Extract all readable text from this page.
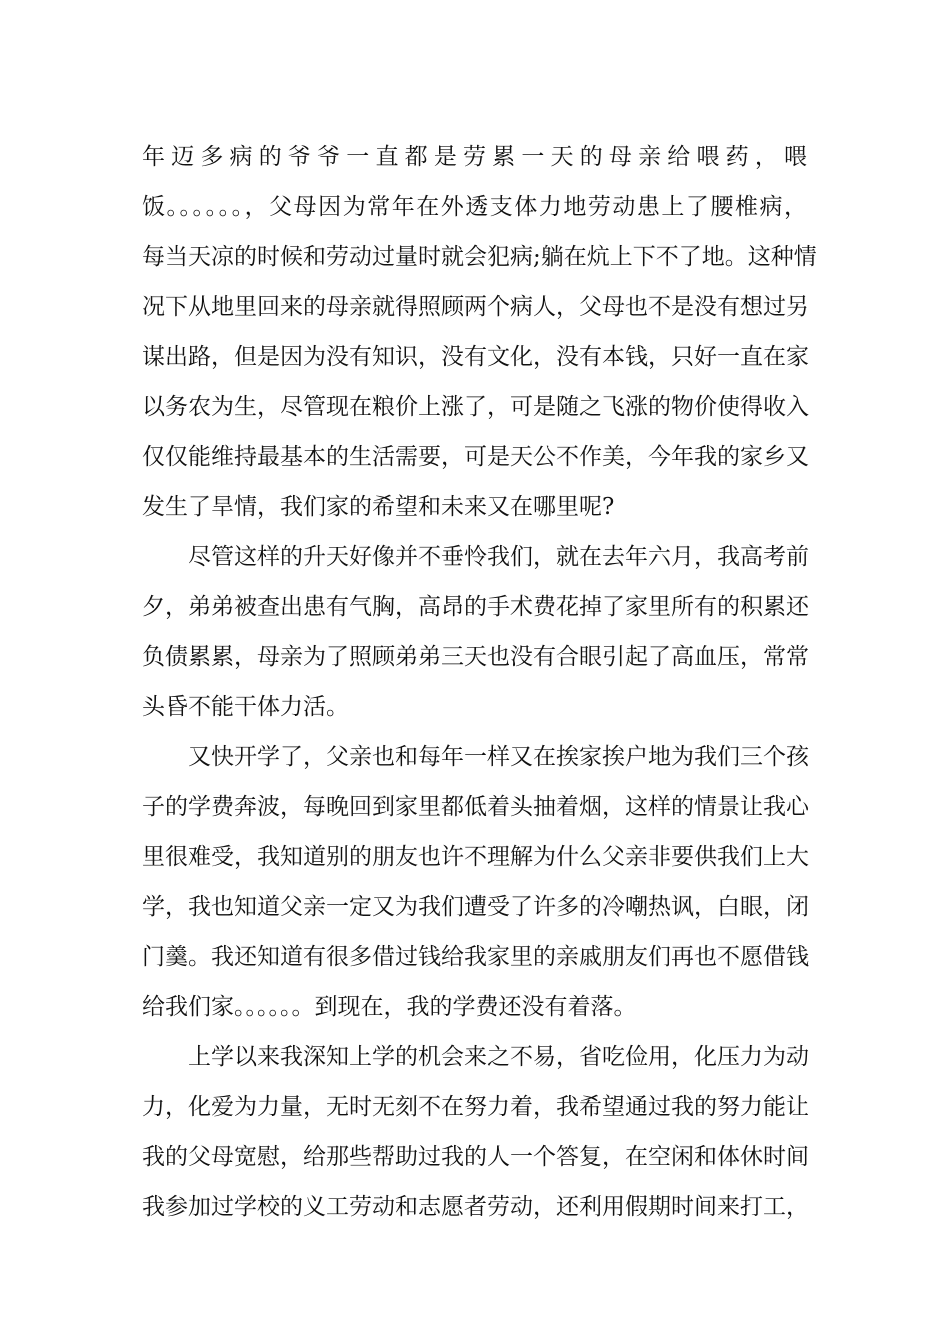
年迈多病的爷爷一直都是劳累一天的母亲给喂药，喂
饭。。。。。。，父母因为常年在外透支体力地劳动患上了腰椎病，
每当天凉的时候和劳动过量时就会犯病;躺在炕上下不了地。这种情
况下从地里回来的母亲就得照顾两个病人，父母也不是没有想过另
谋出路，但是因为没有知识，没有文化，没有本钱，只好一直在家
以务农为生，尽管现在粮价上涨了，可是随之飞涨的物价使得收入
仅仅能维持最基本的生活需要，可是天公不作美，今年我的家乡又
发生了旱情，我们家的希望和未来又在哪里呢?
　　尽管这样的升天好像并不垂怜我们，就在去年六月，我高考前
夕，弟弟被查出患有气胸，高昂的手术费花掉了家里所有的积累还
负债累累，母亲为了照顾弟弟三天也没有合眼引起了高血压，常常
头昏不能干体力活。
　　又快开学了，父亲也和每年一样又在挨家挨户地为我们三个孩
子的学费奔波，每晚回到家里都低着头抽着烟，这样的情景让我心
里很难受，我知道别的朋友也许不理解为什么父亲非要供我们上大
学，我也知道父亲一定又为我们遭受了许多的冷嘲热讽，白眼，闭
门羹。我还知道有很多借过钱给我家里的亲戚朋友们再也不愿借钱
给我们家。。。。。。到现在，我的学费还没有着落。
　　上学以来我深知上学的机会来之不易，省吃俭用，化压力为动
力，化爱为力量，无时无刻不在努力着，我希望通过我的努力能让
我的父母宽慰，给那些帮助过我的人一个答复，在空闲和体休时间
我参加过学校的义工劳动和志愿者劳动，还利用假期时间来打工，
